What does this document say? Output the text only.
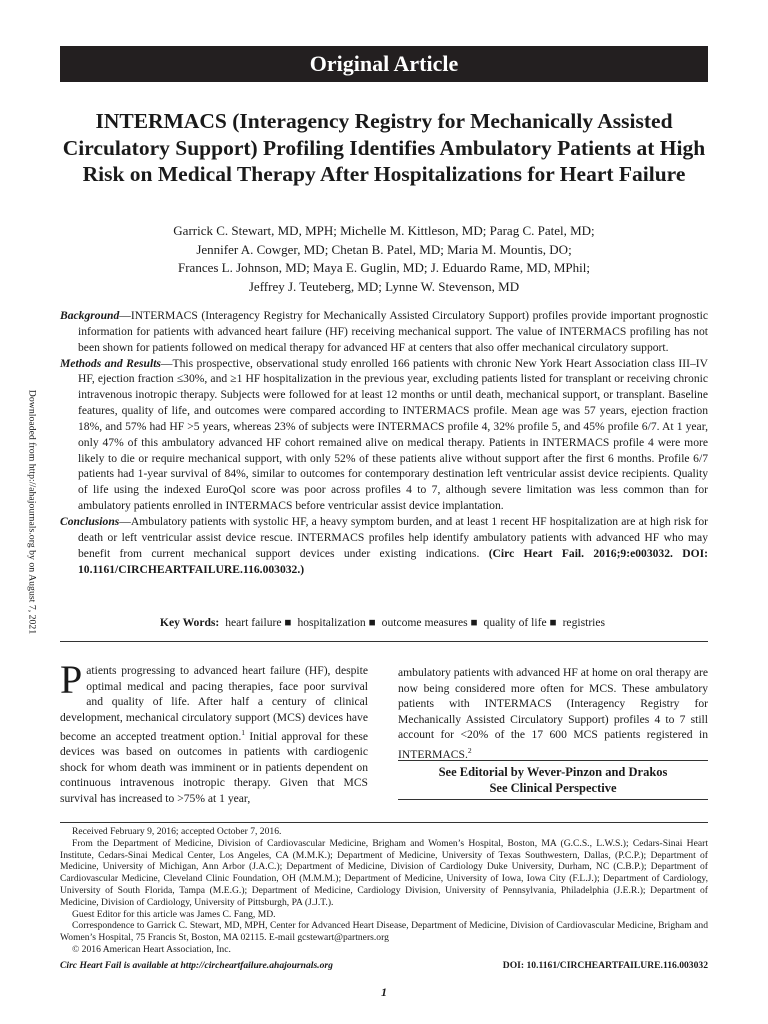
Original Article
INTERMACS (Interagency Registry for Mechanically Assisted Circulatory Support) Profiling Identifies Ambulatory Patients at High Risk on Medical Therapy After Hospitalizations for Heart Failure
Garrick C. Stewart, MD, MPH; Michelle M. Kittleson, MD; Parag C. Patel, MD;
Jennifer A. Cowger, MD; Chetan B. Patel, MD; Maria M. Mountis, DO;
Frances L. Johnson, MD; Maya E. Guglin, MD; J. Eduardo Rame, MD, MPhil;
Jeffrey J. Teuteberg, MD; Lynne W. Stevenson, MD

Background—INTERMACS (Interagency Registry for Mechanically Assisted Circulatory Support) profiles provide important prognostic information for patients with advanced heart failure (HF) receiving mechanical support. The value of INTERMACS profiling has not been shown for patients followed on medical therapy for advanced HF at centers that also offer mechanical circulatory support.

Methods and Results—This prospective, observational study enrolled 166 patients with chronic New York Heart Association class III–IV HF, ejection fraction ≤30%, and ≥1 HF hospitalization in the previous year, excluding patients listed for transplant or receiving chronic intravenous inotropic therapy. Subjects were followed for at least 12 months or until death, mechanical support, or transplant. Baseline features, quality of life, and outcomes were compared according to INTERMACS profile. Mean age was 57 years, ejection fraction 18%, and 57% had HF >5 years, whereas 23% of subjects were INTERMACS profile 4, 32% profile 5, and 45% profile 6/7. At 1 year, only 47% of this ambulatory advanced HF cohort remained alive on medical therapy. Patients in INTERMACS profile 4 were more likely to die or require mechanical support, with only 52% of these patients alive without support after the first 6 months. Profile 6/7 patients had 1-year survival of 84%, similar to outcomes for contemporary destination left ventricular assist device recipients. Quality of life using the indexed EuroQol score was poor across profiles 4 to 7, although severe limitation was less common than for ambulatory patients enrolled in INTERMACS before ventricular assist device implantation.

Conclusions—Ambulatory patients with systolic HF, a heavy symptom burden, and at least 1 recent HF hospitalization are at high risk for death or left ventricular assist device rescue. INTERMACS profiles help identify ambulatory patients with advanced HF who may benefit from current mechanical support devices under existing indications. (Circ Heart Fail. 2016;9:e003032. DOI: 10.1161/CIRCHEARTFAILURE.116.003032.)

Key Words: heart failure ■ hospitalization ■ outcome measures ■ quality of life ■ registries
Patients progressing to advanced heart failure (HF), despite optimal medical and pacing therapies, face poor survival and quality of life. After half a century of clinical development, mechanical circulatory support (MCS) devices have become an accepted treatment option.$^1$ Initial approval for these devices was based on outcomes in patients with cardiogenic shock for whom death was imminent or in patients dependent on continuous intravenous inotropic therapy. Given that MCS survival has increased to >75% at 1 year,
ambulatory patients with advanced HF at home on oral therapy are now being considered more often for MCS. These ambulatory patients with INTERMACS (Interagency Registry for Mechanically Assisted Circulatory Support) profiles 4 to 7 still account for <20% of the 17 600 MCS patients registered in INTERMACS.$^2$
See Editorial by Wever-Pinzon and Drakos
See Clinical Perspective

Received February 9, 2016; accepted October 7, 2016.

From the Department of Medicine, Division of Cardiovascular Medicine, Brigham and Women’s Hospital, Boston, MA (G.C.S., L.W.S.); Cedars-Sinai Heart Institute, Cedars-Sinai Medical Center, Los Angeles, CA (M.M.K.); Department of Medicine, University of Texas Southwestern, Dallas, (P.C.P.); Department of Medicine, University of Michigan, Ann Arbor (J.A.C.); Department of Medicine, Division of Cardiology Duke University, Durham, NC (C.B.P.); Department of Cardiovascular Medicine, Cleveland Clinic Foundation, OH (M.M.M.); Department of Medicine, University of Iowa, Iowa City (F.L.J.); Department of Cardiology, University of South Florida, Tampa (M.E.G.); Department of Medicine, Cardiology Division, University of Pennsylvania, Philadelphia (J.E.R.); Department of Medicine, Division of Cardiology, University of Pittsburgh, PA (J.J.T.).

Guest Editor for this article was James C. Fang, MD.

Correspondence to Garrick C. Stewart, MD, MPH, Center for Advanced Heart Disease, Department of Medicine, Division of Cardiovascular Medicine, Brigham and Women’s Hospital, 75 Francis St, Boston, MA 02115. E-mail gcstewart@partners.org

© 2016 American Heart Association, Inc.

Circ Heart Fail is available at http://circheartfailure.ahajournals.org	DOI: 10.1161/CIRCHEARTFAILURE.116.003032
1
Downloaded from http://ahajournals.org by on August 7, 2021
